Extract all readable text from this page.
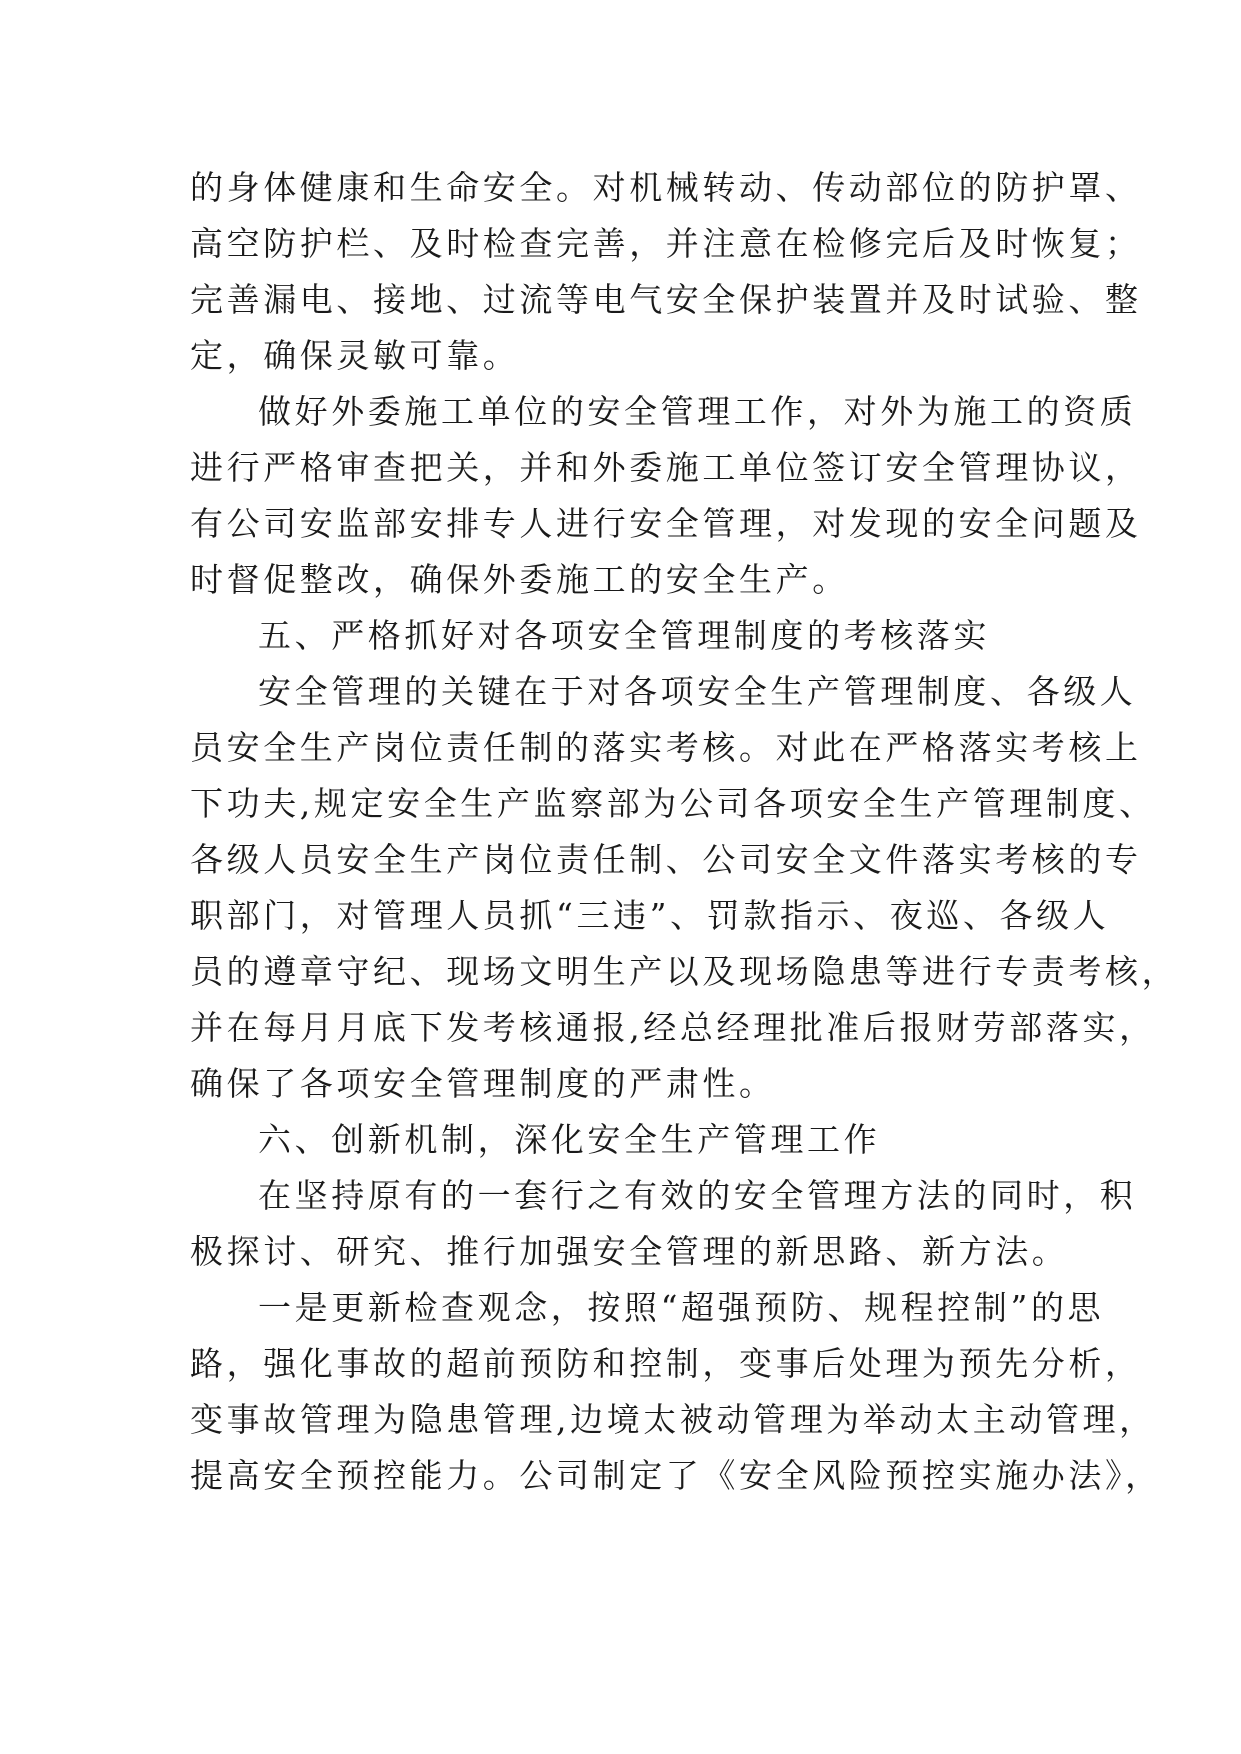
的身体健康和生命安全。对机械转动、传动部位的防护罩、
高空防护栏、及时检查完善，并注意在检修完后及时恢复；
完善漏电、接地、过流等电气安全保护装置并及时试验、整
定，确保灵敏可靠。
做好外委施工单位的安全管理工作，对外为施工的资质
进行严格审查把关，并和外委施工单位签订安全管理协议，
有公司安监部安排专人进行安全管理，对发现的安全问题及
时督促整改，确保外委施工的安全生产。
五、严格抓好对各项安全管理制度的考核落实
安全管理的关键在于对各项安全生产管理制度、各级人
员安全生产岗位责任制的落实考核。对此在严格落实考核上
下功夫,规定安全生产监察部为公司各项安全生产管理制度、
各级人员安全生产岗位责任制、公司安全文件落实考核的专
职部门，对管理人员抓“三违”、罚款指示、夜巡、各级人
员的遵章守纪、现场文明生产以及现场隐患等进行专责考核，
并在每月月底下发考核通报,经总经理批准后报财劳部落实，
确保了各项安全管理制度的严肃性。
六、创新机制，深化安全生产管理工作
在坚持原有的一套行之有效的安全管理方法的同时，积
极探讨、研究、推行加强安全管理的新思路、新方法。
一是更新检查观念，按照“超强预防、规程控制”的思
路，强化事故的超前预防和控制，变事后处理为预先分析，
变事故管理为隐患管理,边境太被动管理为举动太主动管理，
提高安全预控能力。公司制定了《安全风险预控实施办法》，
